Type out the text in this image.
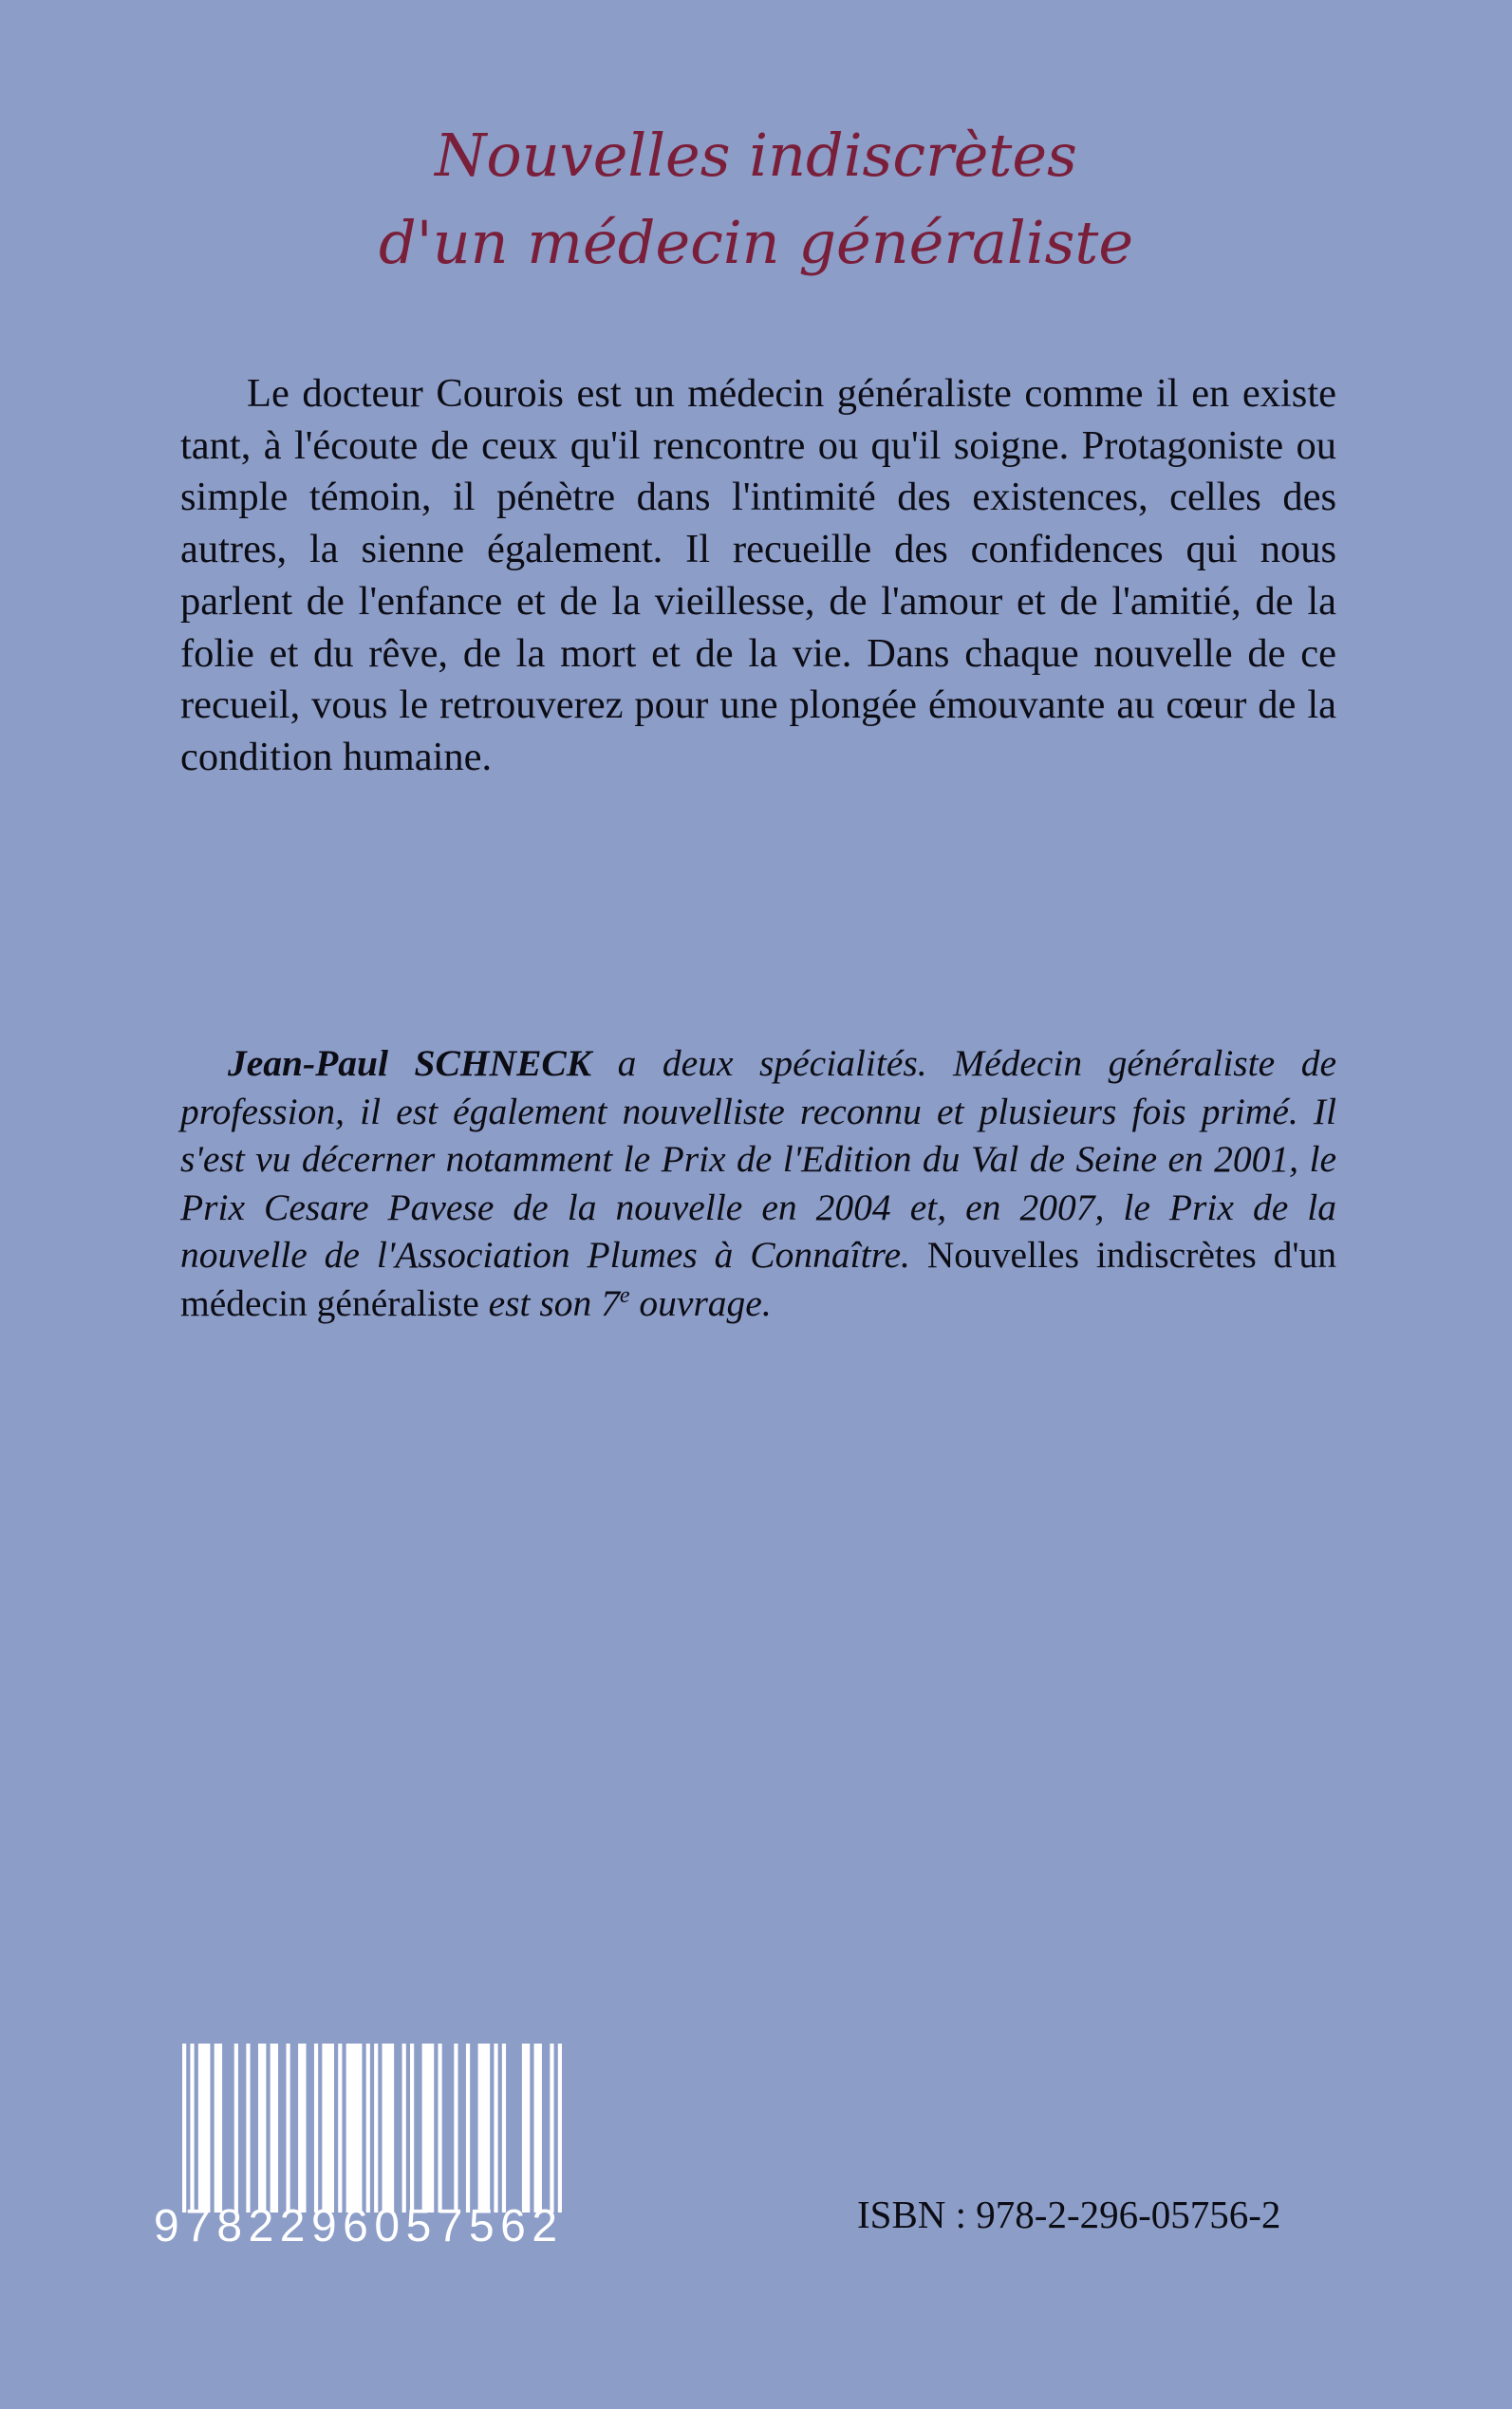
Nouvelles indiscrètes
d'un médecin généraliste

Le docteur Courois est un médecin généraliste comme il en existe tant, à l'écoute de ceux qu'il rencontre ou qu'il soigne. Protagoniste ou simple témoin, il pénètre dans l'intimité des existences, celles des autres, la sienne également. Il recueille des confidences qui nous parlent de l'enfance et de la vieillesse, de l'amour et de l'amitié, de la folie et du rêve, de la mort et de la vie. Dans chaque nouvelle de ce recueil, vous le retrouverez pour une plongée émouvante au cœur de la condition humaine.

Jean-Paul SCHNECK a deux spécialités. Médecin généraliste de profession, il est également nouvelliste reconnu et plusieurs fois primé. Il s'est vu décerner notamment le Prix de l'Edition du Val de Seine en 2001, le Prix Cesare Pavese de la nouvelle en 2004 et, en 2007, le Prix de la nouvelle de l'Association Plumes à Connaître. Nouvelles indiscrètes d'un médecin généraliste est son 7e ouvrage.

9782296057562	ISBN : 978-2-296-05756-2
